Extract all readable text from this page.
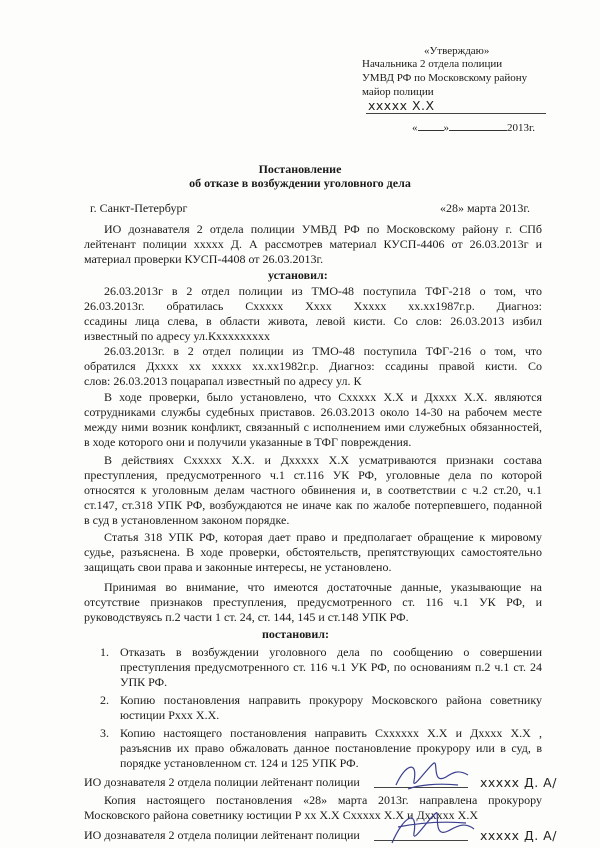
«Утверждаю»
Начальника 2 отдела полиции
УМВД РФ по Московскому району
майор полиции
ххххх Х.Х
« »	2013г.
Постановление
об отказе в возбуждении уголовного дела
г. Санкт-Петербург	«28» марта 2013г.
ИО дознавателя 2 отдела полиции УМВД РФ по Московскому району г. СПб
лейтенант полиции ххххх Д. А рассмотрев материал КУСП-4406 от 26.03.2013г и
материал проверки КУСП-4408 от 26.03.2013г.
установил:
26.03.2013г в 2 отдел полиции из ТМО-48 поступила ТФГ-218 о том, что
26.03.2013г. обратилась Схxxxx Хххх Ххххх хх.хх1987г.р. Диагноз:
ссадины лица слева, в области живота, левой кисти. Со слов: 26.03.2013 избил
известный по адресу ул.Кххххххххх
26.03.2013г. в 2 отдел полиции из ТМО-48 поступила ТФГ-216 о том, что
обратился Дхххх хх ххххх хх.хх1982г.р. Диагноз: ссадины правой кисти. Со
слов: 26.03.2013 поцарапал известный по адресу ул. К
В ходе проверки, было установлено, что Сххххх Х.Х и Дххxх Х.Х. являются
сотрудниками службы судебных приставов. 26.03.2013 около 14-30 на рабочем месте
между ними возник конфликт, связанный с исполнением ими служебных обязанностей,
в ходе которого они и получили указанные в ТФГ повреждения.
В действиях Сххххх Х.Х. и Дххххх Х.Х усматриваются признаки состава
преступления, предусмотренного ч.1 ст.116 УК РФ, уголовные дела по которой
относятся к уголовным делам частного обвинения и, в соответствии с ч.2 ст.20, ч.1
ст.147, ст.318 УПК РФ, возбуждаются не иначе как по жалобе потерпевшего, поданной
в суд в установленном законом порядке.
Статья 318 УПК РФ, которая дает право и предполагает обращение к мировому
судье, разъяснена. В ходе проверки, обстоятельств, препятствующих самостоятельно
защищать свои права и законные интересы, не установлено.
Принимая во внимание, что имеются достаточные данные, указывающие на
отсутствие признаков преступления, предусмотренного ст. 116 ч.1 УК РФ, и
руководствуясь п.2 части 1 ст. 24, ст. 144, 145 и ст.148 УПК РФ.
постановил:
1. Отказать в возбуждении уголовного дела по сообщению о совершении
преступления предусмотренного ст. 116 ч.1 УК РФ, по основаниям п.2 ч.1 ст. 24
УПК РФ.
2. Копию постановления направить прокурору Московского района советнику
юстиции Рххх Х.Х.
3. Копию настоящего постановления направить Сxxxxxx Х.Х и Дхххх Х.Х ,
разъяснив их право обжаловать данное постановление прокурору или в суд, в
порядке установленном ст. 124 и 125 УПК РФ.
ИО дознавателя 2 отдела полиции лейтенант полиции	ххххх Д. А/
Копия настоящего постановления «28» марта 2013г. направлена прокурору
Московского района советнику юстиции Р хх Х.Х Сххххх Х.Х и Дххххх Х.Х
ИО дознавателя 2 отдела полиции лейтенант полиции	ххххх Д. А/
